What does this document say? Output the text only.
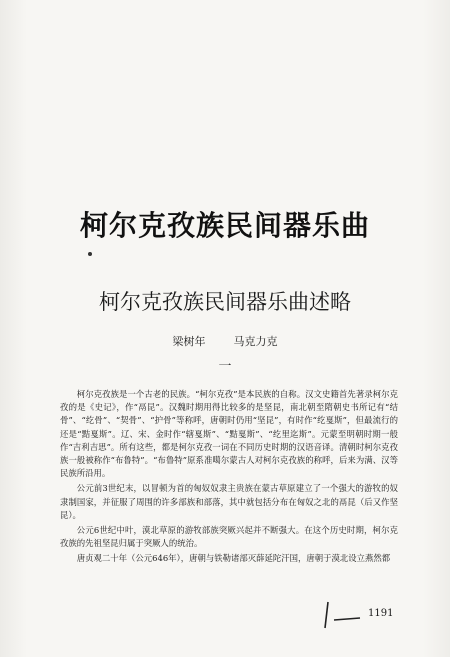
柯尔克孜族民间器乐曲
柯尔克孜族民间器乐曲述略
梁树年	马克力克
一

柯尔克孜族是一个古老的民族。“柯尔克孜”是本民族的自称。汉文史籍首先著录柯尔克孜的是《史记》，作“鬲昆”。汉魏时期用得比较多的是坚昆，南北朝至隋朝史书所记有“结骨”、“纥骨”、“契骨”、“护骨”等称呼，唐朝时仍用“坚昆”，有时作“纥戛斯”，但最流行的还是“黠戛斯”。辽、宋、金时作“辖戛斯”、“黠戛斯”、“纥里迄斯”。元蒙至明朝时期一般作“吉利吉思”。所有这些，都是柯尔克孜一词在不同历史时期的汉语音译。清朝时柯尔克孜族一般被称作“布鲁特”。“布鲁特”原系准噶尔蒙古人对柯尔克孜族的称呼，后来为满、汉等民族所沿用。

公元前3世纪末，以冒顿为首的匈奴奴隶主贵族在蒙古草原建立了一个强大的游牧的奴隶制国家，并征服了周围的许多部族和部落，其中就包括分布在匈奴之北的鬲昆（后又作坚昆）。

公元6世纪中叶，漠北草原的游牧部族突厥兴起并不断强大。在这个历史时期，柯尔克孜族的先祖坚昆归属于突厥人的统治。

唐贞观二十年（公元646年），唐朝与铁勒诸部灭薛延陀汗国，唐朝于漠北设立燕然都

1191
